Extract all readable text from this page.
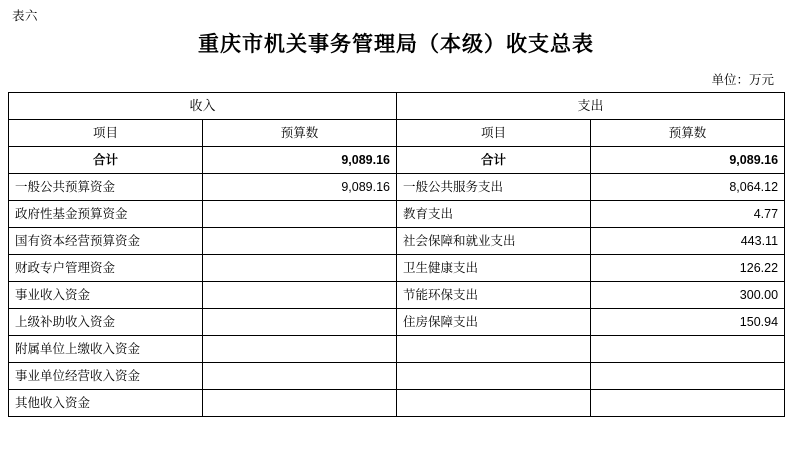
表六
重庆市机关事务管理局（本级）收支总表
单位：万元
收入		支出	
项目	预算数	项目	预算数
合计	9,089.16	合计	9,089.16
一般公共预算资金	9,089.16	一般公共服务支出	8,064.12
政府性基金预算资金		教育支出	4.77
国有资本经营预算资金		社会保障和就业支出	443.11
财政专户管理资金		卫生健康支出	126.22
事业收入资金		节能环保支出	300.00
上级补助收入资金		住房保障支出	150.94
附属单位上缴收入资金			
事业单位经营收入资金			
其他收入资金			
